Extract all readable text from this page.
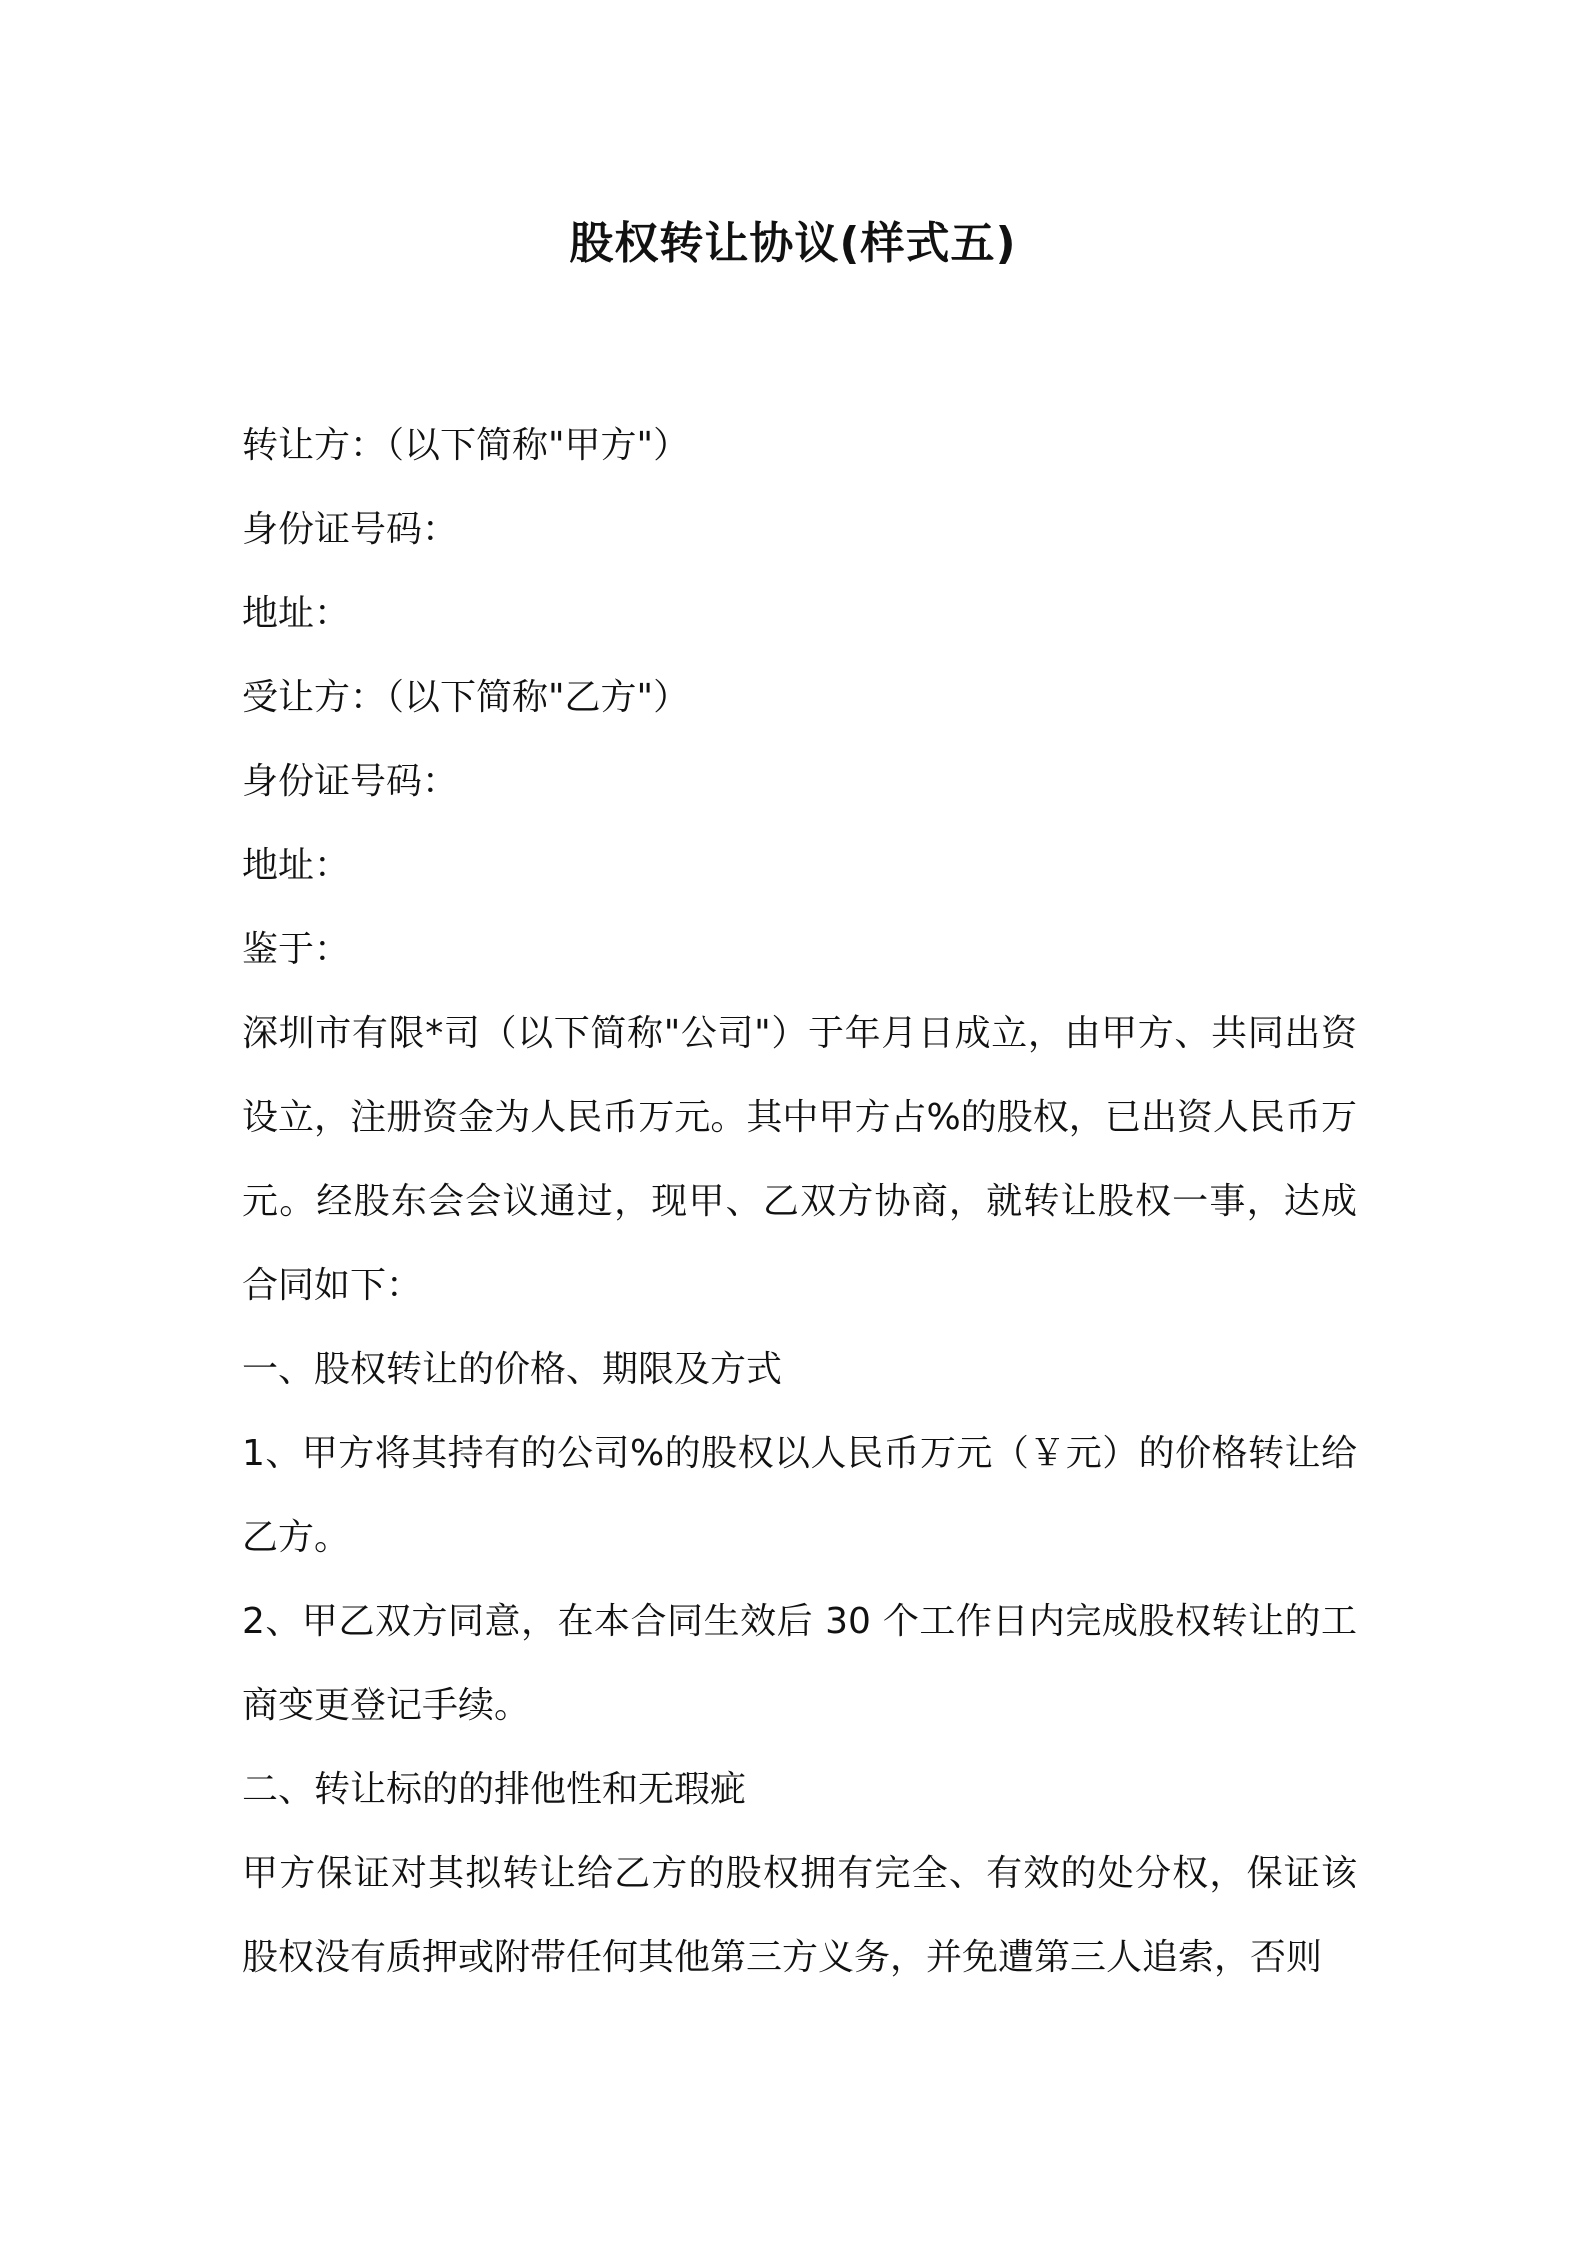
股权转让协议(样式五)

转让方：（以下简称"甲方"）

身份证号码：

地址：

受让方：（以下简称"乙方"）

身份证号码：

地址：

鉴于：

深圳市有限*司（以下简称"公司"）于年月日成立，由甲方、共同出资设立，注册资金为人民币万元。其中甲方占%的股权，已出资人民币万元。经股东会会议通过，现甲、乙双方协商，就转让股权一事，达成合同如下：

一、股权转让的价格、期限及方式

1、甲方将其持有的公司%的股权以人民币万元（￥元）的价格转让给乙方。

2、甲乙双方同意，在本合同生效后 30 个工作日内完成股权转让的工商变更登记手续。

二、转让标的的排他性和无瑕疵

甲方保证对其拟转让给乙方的股权拥有完全、有效的处分权，保证该股权没有质押或附带任何其他第三方义务，并免遭第三人追索，否则
